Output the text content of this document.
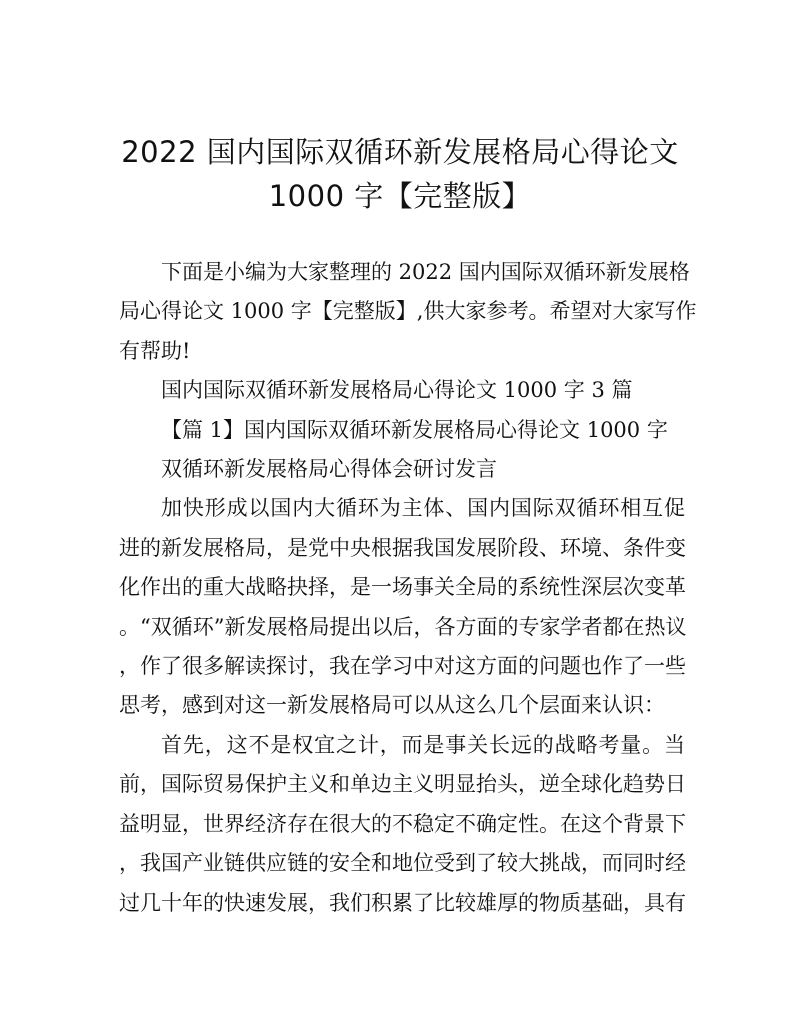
2022 国内国际双循环新发展格局心得论文
1000 字【完整版】
下面是小编为大家整理的 2022 国内国际双循环新发展格
局心得论文 1000 字【完整版】,供大家参考。希望对大家写作
有帮助!
国内国际双循环新发展格局心得论文 1000 字 3 篇
【篇 1】国内国际双循环新发展格局心得论文 1000 字
双循环新发展格局心得体会研讨发言
加快形成以国内大循环为主体、国内国际双循环相互促
进的新发展格局，是党中央根据我国发展阶段、环境、条件变
化作出的重大战略抉择，是一场事关全局的系统性深层次变革
。“双循环”新发展格局提出以后，各方面的专家学者都在热议
，作了很多解读探讨，我在学习中对这方面的问题也作了一些
思考，感到对这一新发展格局可以从这么几个层面来认识：
首先，这不是权宜之计，而是事关长远的战略考量。当
前，国际贸易保护主义和单边主义明显抬头，逆全球化趋势日
益明显，世界经济存在很大的不稳定不确定性。在这个背景下
，我国产业链供应链的安全和地位受到了较大挑战，而同时经
过几十年的快速发展，我们积累了比较雄厚的物质基础，具有
